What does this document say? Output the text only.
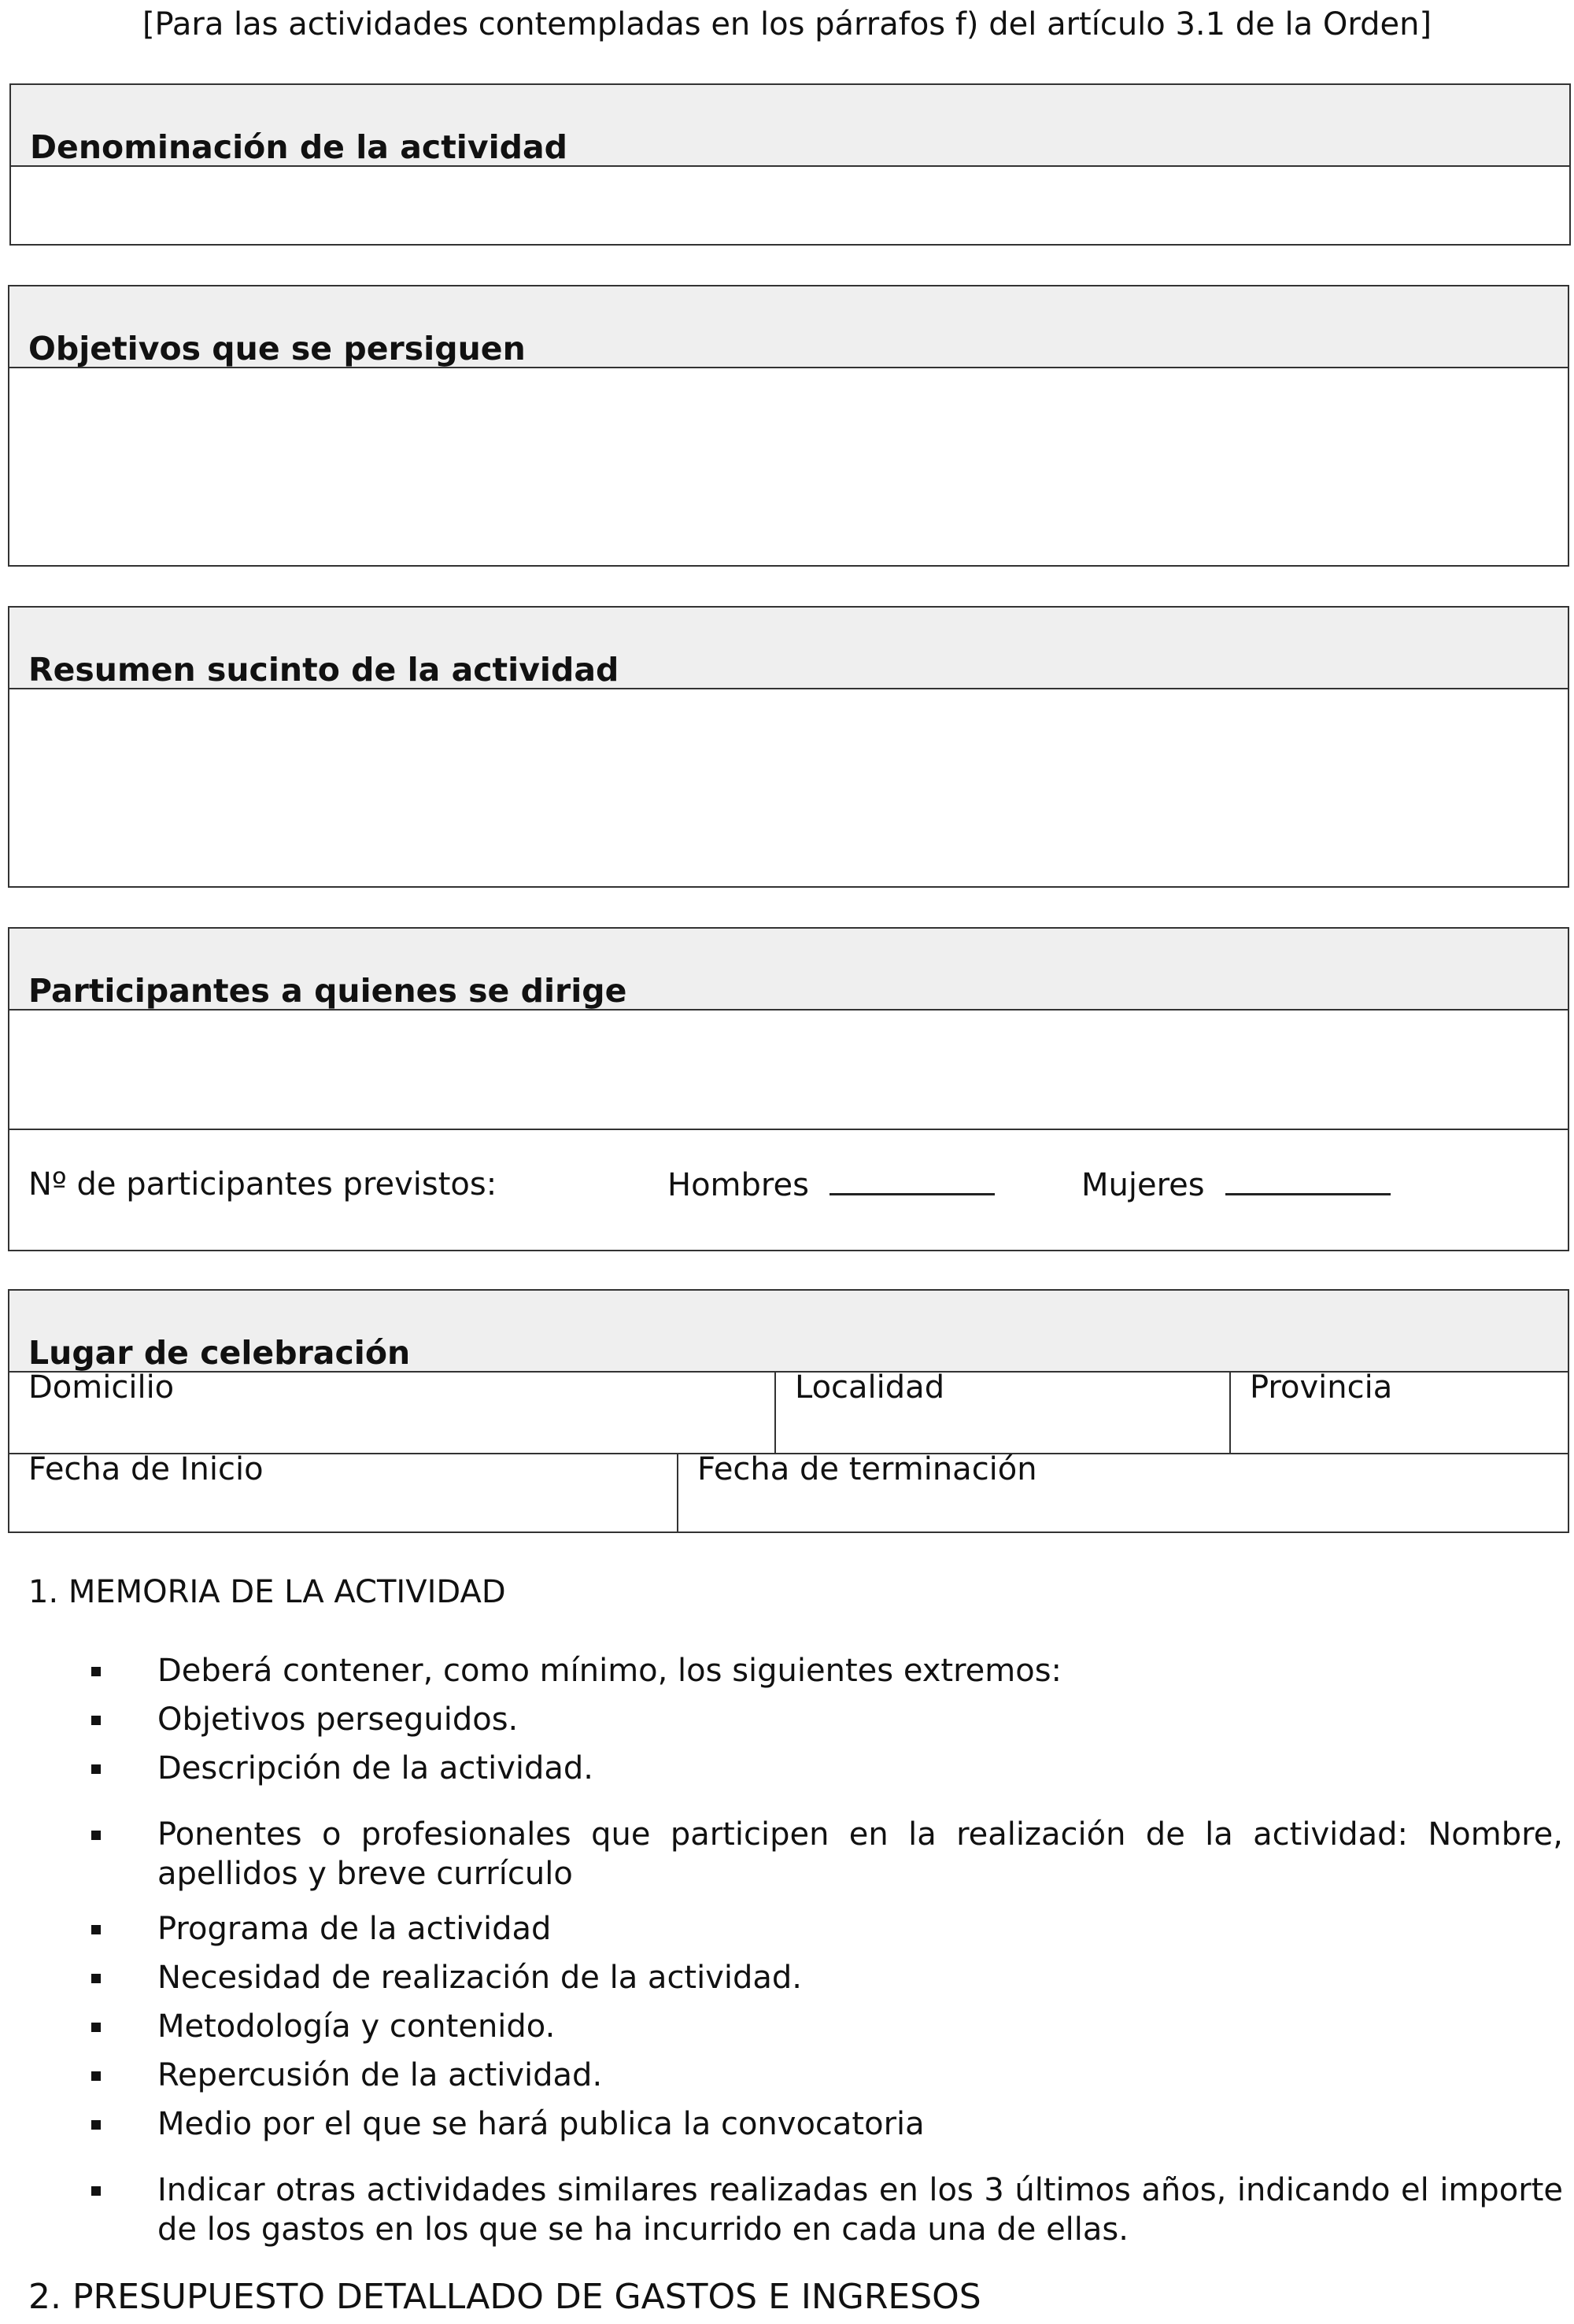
[Para las actividades contempladas en los párrafos f) del artículo 3.1 de la Orden]
Denominación de la actividad
Objetivos que se persiguen
Resumen sucinto de la actividad
Participantes a quienes se dirige
Nº de participantes previstos:	Hombres	Mujeres
Lugar de celebración
Domicilio	Localidad	Provincia
Fecha de Inicio	Fecha de terminación
1. MEMORIA DE LA ACTIVIDAD
Deberá contener, como mínimo, los siguientes extremos:
Objetivos perseguidos.
Descripción de la actividad.
Ponentes o profesionales que participen en la realización de la actividad: Nombre, apellidos y breve currículo
Programa de la actividad
Necesidad de realización de la actividad.
Metodología y contenido.
Repercusión de la actividad.
Medio por el que se hará publica la convocatoria
Indicar otras actividades similares realizadas en los 3 últimos años, indicando el importe de los gastos en los que se ha incurrido en cada una de ellas.
2. PRESUPUESTO DETALLADO DE GASTOS E INGRESOS
